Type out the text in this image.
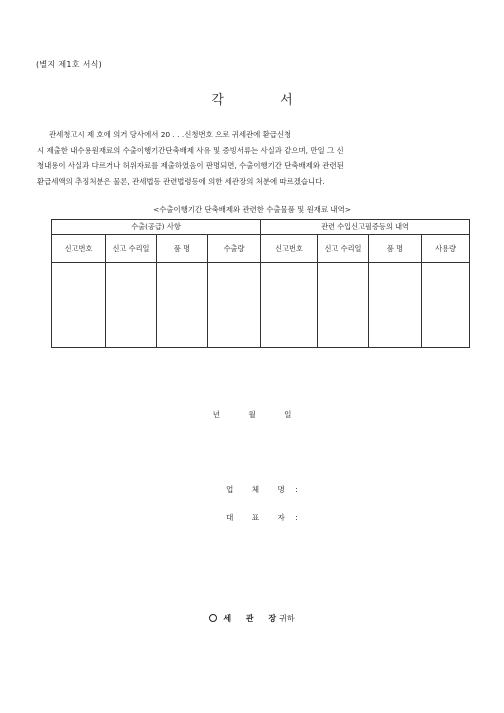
(별지 제1호 서식)
각 서
관세청고시 제 호에 의거 당사에서 20 . . .신청번호 으로 귀세관에 환급신청
시 제출한 내수용원재료의 수출이행기간단축배제 사유 및 증빙서류는 사실과 같으며, 만일 그 신
청내용이 사실과 다르거나 허위자료를 제출하였음이 판명되면, 수출이행기간 단축배제와 관련된
환급세액의 추징처분은 물론, 관세법등 관련법령등에 의한 세관장의 처분에 따르겠습니다.
<수출이행기간 단축배제와 관련한 수출물품 및 원재료 내역>
수출(공급) 사항				관련 수입신고필증등의 내역			
신고번호	신고 수리일	품 명	수출량	신고번호	신고 수리일	품 명	사용량

년 월 일
업 체 명 :
대 표 자 :
세 관 장귀하
